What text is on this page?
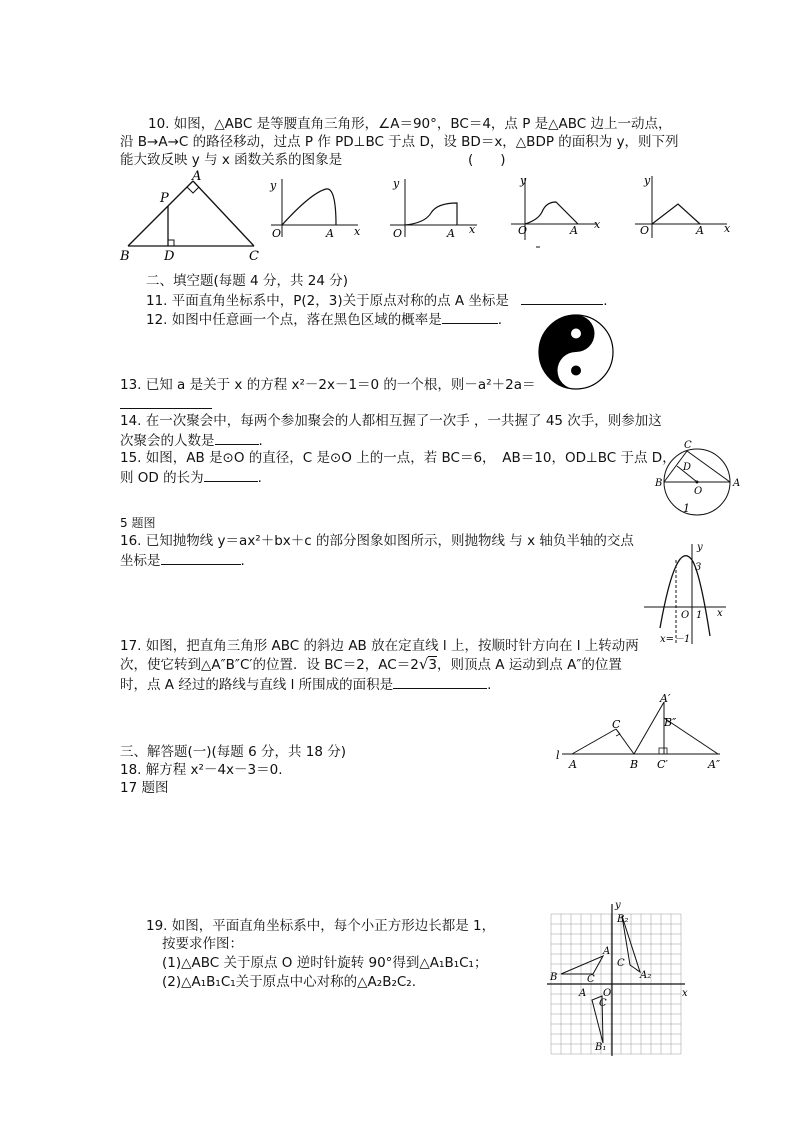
10. 如图，△ABC 是等腰直角三角形，∠A＝90°，BC＝4，点 P 是△ABC 边上一动点，
沿 B→A→C 的路径移动，过点 P 作 PD⊥BC 于点 D，设 BD＝x，△BDP 的面积为 y，则下列
能大致反映 y 与 x 函数关系的图象是	(　　)
A
B	C
P
D
y
x
O	A
y
x
O	A
y
x
O	A
y
x
O	A
二、填空题(每题 4 分，共 24 分)
11. 平面直角坐标系中，P(2，3)关于原点对称的点 A 坐标是	.
12. 如图中任意画一个点，落在黑色区域的概率是	.
13. 已知 a 是关于 x 的方程 x²－2x－1＝0 的一个根，则－a²＋2a＝
14. 在一次聚会中，每两个参加聚会的人都相互握了一次手 ，一共握了 45 次手，则参加这
次聚会的人数是	.
15. 如图，AB 是⊙O 的直径，C 是⊙O 上的一点，若 BC＝6，　AB＝10，OD⊥BC 于点 D，
则 OD 的长为	.
C
B	A
D
O
1
5 题图
16. 已知抛物线 y＝ax²＋bx＋c 的部分图象如图所示，则抛物线 与 x 轴负半轴的交点
坐标是	.
y
x
O 1
3
x=－1
17. 如图，把直角三角形 ABC 的斜边 AB 放在定直线 l 上，按顺时针方向在 l 上转动两
次，使它转到△A″B″C′的位置．设 BC＝2，AC＝2√3，则顶点 A 运动到点 A″的位置
时，点 A 经过的路线与直线 l 所围成的面积是	.
l
A
C
B
A′
B″
C′	A″
三、解答题(一)(每题 6 分，共 18 分)
18. 解方程 x²－4x－3＝0.
17 题图
19. 如图，平面直角坐标系中，每个小正方形边长都是 1，
按要求作图：
(1)△ABC 关于原点 O 逆时针旋转 90°得到△A₁B₁C₁；
(2)△A₁B₁C₁关于原点中心对称的△A₂B₂C₂.
y
x
O
B
A
C
A
B₁
C
B₂
C
A₂
